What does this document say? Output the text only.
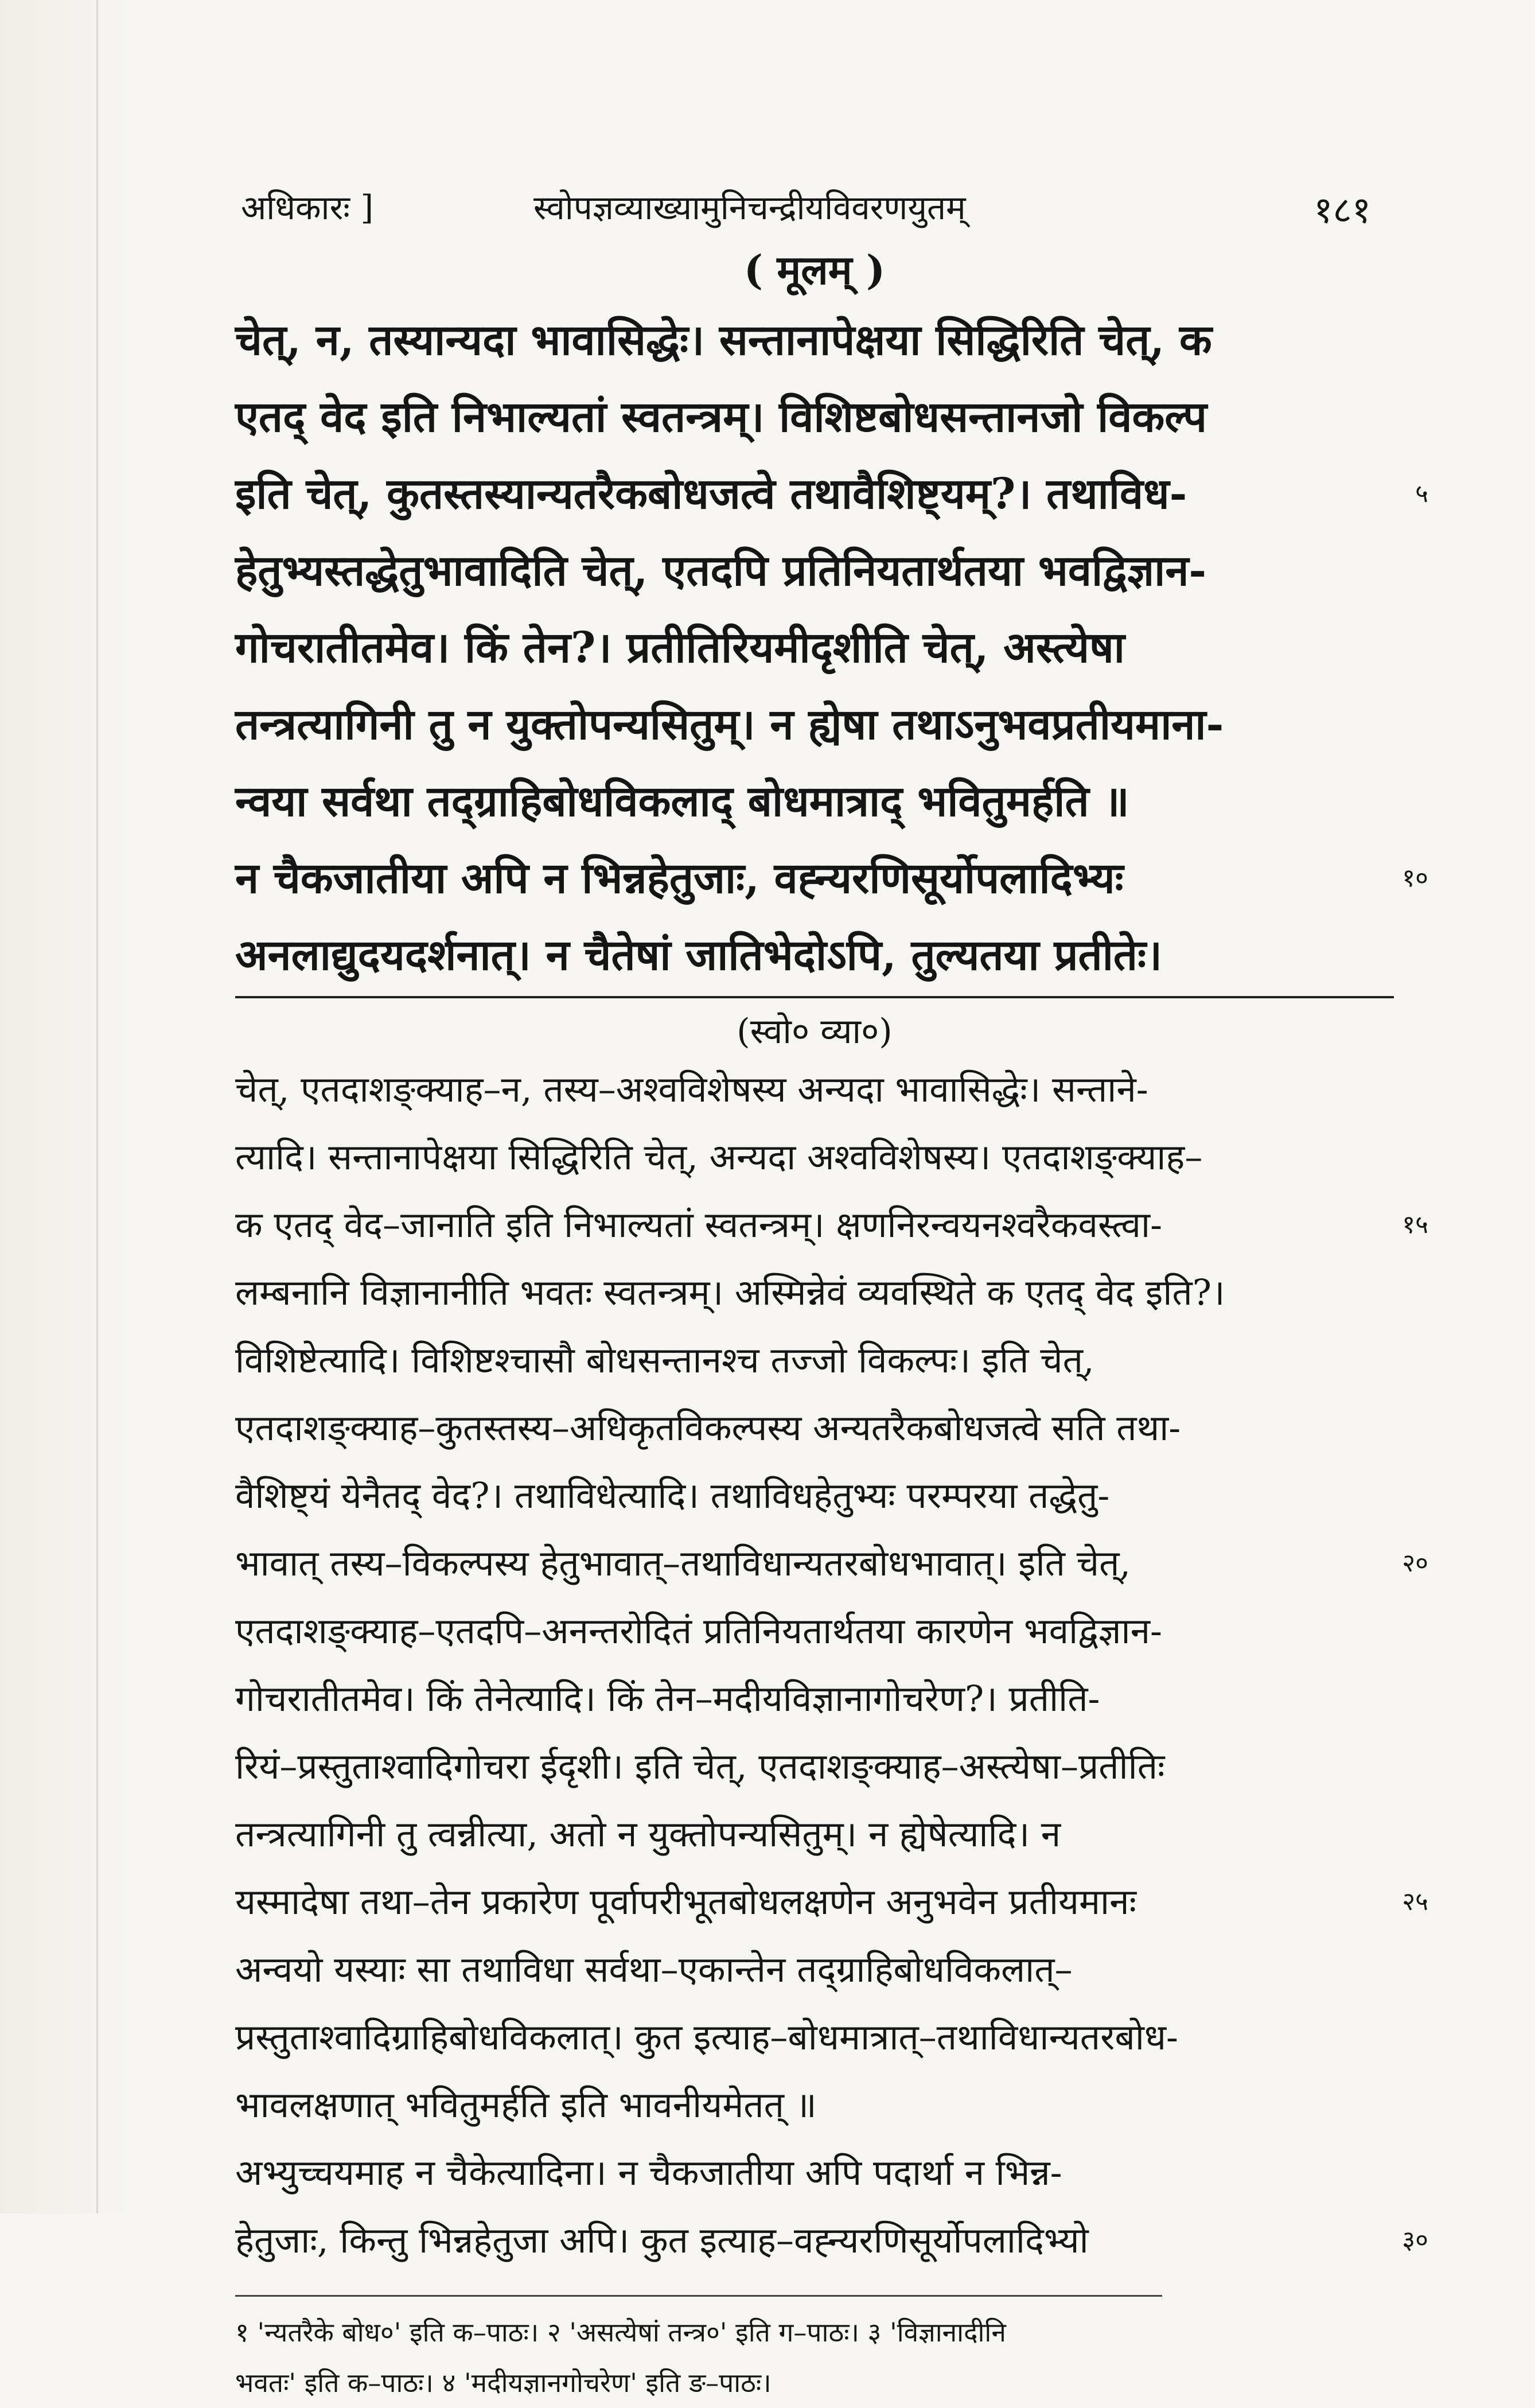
अधिकारः ]	स्वोपज्ञव्याख्यामुनिचन्द्रीयविवरणयुतम्	१८१
( मूलम् )
चेत्, न, तस्यान्यदा भावासिद्धेः। सन्तानापेक्षया सिद्धिरिति चेत्, क
एतद् वेद इति निभाल्यतां स्वतन्त्रम्। विशिष्टबोधसन्तानजो विकल्प
इति चेत्, कुतस्तस्यान्यतरैकबोधजत्वे तथावैशिष्ट्यम्?। तथाविध-	५
हेतुभ्यस्तद्धेतुभावादिति चेत्, एतदपि प्रतिनियतार्थतया भवद्विज्ञान-
गोचरातीतमेव। किं तेन?। प्रतीतिरियमीदृशीति चेत्, अस्त्येषा
तन्त्रत्यागिनी तु न युक्तोपन्यसितुम्। न ह्येषा तथाऽनुभवप्रतीयमाना-
न्वया सर्वथा तद्ग्राहिबोधविकलाद् बोधमात्राद् भवितुमर्हति ॥
न चैकजातीया अपि न भिन्नहेतुजाः, वह्न्यरणिसूर्योपलादिभ्यः	१०
अनलाद्युदयदर्शनात्। न चैतेषां जातिभेदोऽपि, तुल्यतया प्रतीतेः।
(स्वो० व्या०)
चेत्, एतदाशङ्क्याह–न, तस्य–अश्वविशेषस्य अन्यदा भावासिद्धेः। सन्ताने-
त्यादि। सन्तानापेक्षया सिद्धिरिति चेत्, अन्यदा अश्वविशेषस्य। एतदाशङ्क्याह–
क एतद् वेद–जानाति इति निभाल्यतां स्वतन्त्रम्। क्षणनिरन्वयनश्वरैकवस्त्वा-	१५
लम्बनानि विज्ञानानीति भवतः स्वतन्त्रम्। अस्मिन्नेवं व्यवस्थिते क एतद् वेद इति?।
विशिष्टेत्यादि। विशिष्टश्चासौ बोधसन्तानश्च तज्जो विकल्पः। इति चेत्,
एतदाशङ्क्याह–कुतस्तस्य–अधिकृतविकल्पस्य अन्यतरैकबोधजत्वे सति तथा-
वैशिष्ट्यं येनैतद् वेद?। तथाविधेत्यादि। तथाविधहेतुभ्यः परम्परया तद्धेतु-
भावात् तस्य–विकल्पस्य हेतुभावात्–तथाविधान्यतरबोधभावात्। इति चेत्,	२०
एतदाशङ्क्याह–एतदपि–अनन्तरोदितं प्रतिनियतार्थतया कारणेन भवद्विज्ञान-
गोचरातीतमेव। किं तेनेत्यादि। किं तेन–मदीयविज्ञानागोचरेण?। प्रतीति-
रियं–प्रस्तुताश्वादिगोचरा ईदृशी। इति चेत्, एतदाशङ्क्याह–अस्त्येषा–प्रतीतिः
तन्त्रत्यागिनी तु त्वन्नीत्या, अतो न युक्तोपन्यसितुम्। न ह्येषेत्यादि। न
यस्मादेषा तथा–तेन प्रकारेण पूर्वापरीभूतबोधलक्षणेन अनुभवेन प्रतीयमानः	२५
अन्वयो यस्याः सा तथाविधा सर्वथा–एकान्तेन तद्ग्राहिबोधविकलात्–
प्रस्तुताश्वादिग्राहिबोधविकलात्। कुत इत्याह–बोधमात्रात्–तथाविधान्यतरबोध-
भावलक्षणात् भवितुमर्हति इति भावनीयमेतत् ॥
अभ्युच्चयमाह न चैकेत्यादिना। न चैकजातीया अपि पदार्था न भिन्न-
हेतुजाः, किन्तु भिन्नहेतुजा अपि। कुत इत्याह–वह्न्यरणिसूर्योपलादिभ्यो	३०
१ 'न्यतरैके बोध०' इति क–पाठः। २ 'असत्येषां तन्त्र०' इति ग–पाठः। ३ 'विज्ञानादीनि
भवतः' इति क–पाठः। ४ 'मदीयज्ञानगोचरेण' इति ङ–पाठः।
